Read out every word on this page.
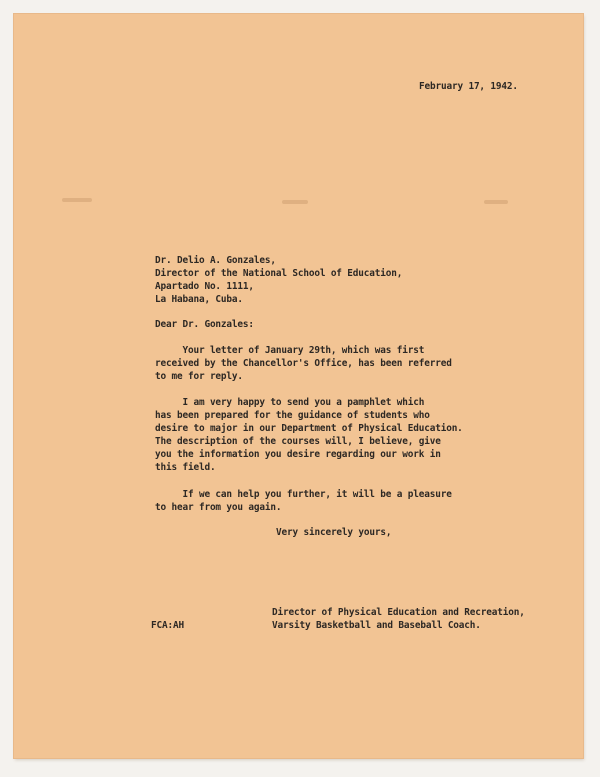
February 17, 1942.

Dr. Delio A. Gonzales,

Director of the National School of Education,

Apartado No. 1111,

La Habana, Cuba.

Dear Dr. Gonzales:

Your letter of January 29th, which was first

received by the Chancellor's Office, has been referred

to me for reply.

I am very happy to send you a pamphlet which

has been prepared for the guidance of students who

desire to major in our Department of Physical Education.

The description of the courses will, I believe, give

you the information you desire regarding our work in

this field.

If we can help you further, it will be a pleasure

to hear from you again.

Very sincerely yours,

Director of Physical Education and Recreation,

Varsity Basketball and Baseball Coach.

FCA:AH
